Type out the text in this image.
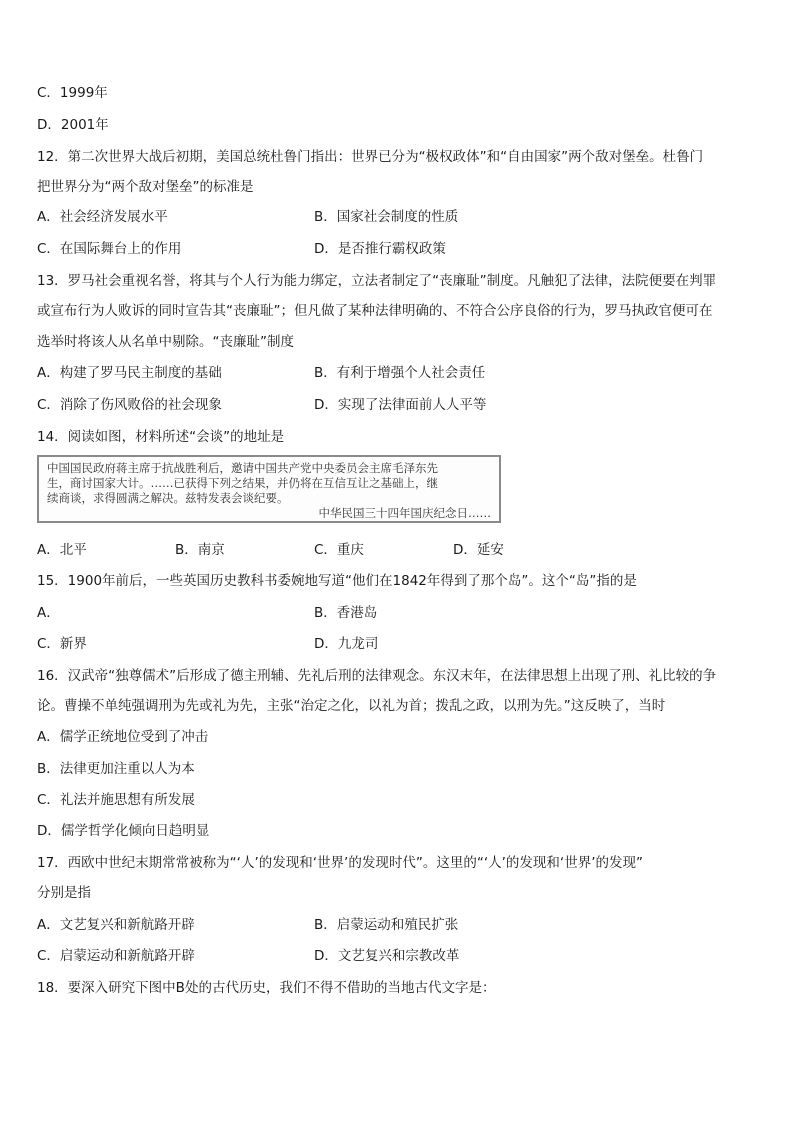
C．1999年
D．2001年
12．第二次世界大战后初期，美国总统杜鲁门指出：世界已分为“极权政体”和“自由国家”两个敌对堡垒。杜鲁门
把世界分为“两个敌对堡垒”的标准是
A．社会经济发展水平	B．国家社会制度的性质
C．在国际舞台上的作用	D．是否推行霸权政策
13．罗马社会重视名誉，将其与个人行为能力绑定，立法者制定了“丧廉耻”制度。凡触犯了法律，法院便要在判罪
或宣布行为人败诉的同时宣告其“丧廉耻”；但凡做了某种法律明确的、不符合公序良俗的行为，罗马执政官便可在
选举时将该人从名单中剔除。“丧廉耻”制度
A．构建了罗马民主制度的基础	B．有利于增强个人社会责任
C．消除了伤风败俗的社会现象	D．实现了法律面前人人平等
14．阅读如图，材料所述“会谈”的地址是
中国国民政府蒋主席于抗战胜利后，邀请中国共产党中央委员会主席毛泽东先
生，商讨国家大计。……已获得下列之结果，并仍将在互信互让之基础上，继
续商谈，求得圆满之解决。兹特发表会谈纪要。
中华民国三十四年国庆纪念日……
A．北平	B．南京	C．重庆	D．延安
15．1900年前后，一些英国历史教科书委婉地写道“他们在1842年得到了那个岛”。这个“岛”指的是
A．	B．香港岛
C．新界	D．九龙司
16．汉武帝“独尊儒术”后形成了德主刑辅、先礼后刑的法律观念。东汉末年，在法律思想上出现了刑、礼比较的争
论。曹操不单纯强调刑为先或礼为先，主张“治定之化，以礼为首；拨乱之政，以刑为先。”这反映了，当时
A．儒学正统地位受到了冲击
B．法律更加注重以人为本
C．礼法并施思想有所发展
D．儒学哲学化倾向日趋明显
17．西欧中世纪末期常常被称为“‘人’的发现和‘世界’的发现时代”。这里的“‘人’的发现和‘世界’的发现”
分别是指
A．文艺复兴和新航路开辟	B．启蒙运动和殖民扩张
C．启蒙运动和新航路开辟	D．文艺复兴和宗教改革
18．要深入研究下图中B处的古代历史，我们不得不借助的当地古代文字是：
